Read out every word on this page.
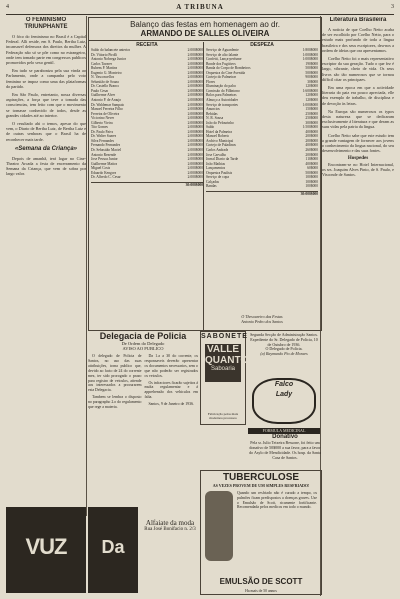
4	A TRIBUNA	3
O FEMINISMO TRIUNPHANTE

O fóco do feminismo no Brasil é a Capital Federal. Alli reside, em S. Paulo, Bertha Lutz, incansavel defensora dos direitos da mulher. A Federação não só se põe como no estrangeiro, onde tem tomado parte em congressos publicos promovidos pelo sexo gentil.

Em tudo se paraboniza pela sua vinda ao Parlamento, onde a campanha pelo voto feminino se impoz como uma das plataformas do partido.

Em São Paulo, entretanto, nossa diversas aspirações, a força que teve a tomada das consciencias, tem feito com que o movimento se tornasse conhecido de todos, desde as grandes cidades até ao interior.

O resultado ahi o temos, apesar do que vem, o Diario de Bertha Lutz, de Bertha Lutz e de outras senhoras que o Brasil ha de reconhecer mais tarde.

«Semana da Criança»

Depois de amanhã, terá logar no Cine-Theatro Arcada a festa de encerramento da Semana da Criança, que vem de sobra por largo valor.

Balanço das festas em homenagem ao dr.
ARMANDO DE SALLES OLIVEIRA
RECEITA
Saldo do balancete anterior	2:000$000
Dr. Vittorio Pirolli	2:000$000
Antonio Nobrega Junior	2:000$000
Carlos Tavares	2:000$000
Rubens P. Martins	2:000$000
Eugenio G. Monteiro	2:000$000
N. Vasconcellos	2:000$000
Sebastião de Souza	2:000$000
Dr. Castello Branco	2:000$000
Paulo Cesar	2:000$000
Guilherme Alves	2:000$000
Antonio P. de Araujo	2:000$000
Dr. Waldemar Sampaio	2:000$000
Manoel Ferreira Filho	2:000$000
Ferreira de Oliveira	2:000$000
Victorino Neves	2:000$000
Gilberto Vieira	2:000$000
Tito Gomes	2:000$000
Dr. Paulo Paiva	2:000$000
Dr. Walter Soares	2:000$000
Silva Fernandes	2:000$000
Fernando Fernandes	2:000$000
Dr. Sebastião Maciel	2:000$000
Antonio Rezende	2:000$000
Jose Pessoa Junior	2:000$000
Guilherme Mattos	2:000$000
Miguel Costa	2:000$000
Eduardo Kengore	2:000$000
Dr. Alfredo C. Cesar	2:000$000
30:000$000
DESPEZA
Serviço de Aguardente	1:800$000
Serviço de alto falante	1:000$000
Confetti, Lança-perfume	1:000$000
Bonde dos Fugitivos	190$000
Banda do Corpo de Bombeiros	500$000
Orquestra do Cine Avenida	500$000
Cortejo do Palmeiras	900$000
Flores	30$000
Illuminação do palco	120$000
Comissão do Fillintono	1:600$000
Bolos para Palmeiras	120$000
Almoço a Autoridades	120$000
Serviço de transportes	1:000$000
Anuncios	150$000
Bebidas	250$000
N. R. Sousa	250$000
João do Pelourinho	300$000
Saldo	1:500$000
Hotel da Palmeira	400$000
Manoel Roberto	200$000
Archivo Municipal	200$000
Cortejo de Paladinos	400$000
Carlos Andrade	260$000
Jose Carvalho	200$000
Jornal Diario da Tarde	110$000
João Mathias	400$000
Lançamentos	60$000
Orquestra Paulista	500$000
Serviço de copa	100$000
Calçadas	100$000
Bandas	100$000
30:000$000
O Thesoureiro das Festas
Antonio Pedro dos Santos
Delegacia de Policia
De Ordem do Delegado
AVISO AO PUBLICO

O delegado de Policia de Santos, no uso das suas attribuições, torna publico que, devido ao facto de 24 do corrente mez, ter sido prorogado o prazo para registro de veiculos, attende aos interessados a procurarem esta Delegacia.

Tambem se lembra o disposto no paragrapho 2.o do regulamento que rege a materia.

Da 1.a a 30 do corrente, os responsaveis deverão apresentar os documentos necessarios, sem o que não poderão ser registrados os veiculos.

Os infractores ficarão sujeitos á multa regulamentar e á apprehensão dos vehiculos em falta.

Santos, 9 de Janeiro de 1936.

SABONETE
VALLE QUANTO
Saboaria
Fabricação pelos mais modernos processos
TUBERCULOSE
AS VEZES PROVEM DE UM SIMPLES RESFRIADO!
Quando um resfriado não é curado a tempo, os pulmões ficam predispostos a doenças graves. Use o Emulsão de Scott, ricamente fortificante. Recomendada pelos medicos em todo o mundo.
EMULSÃO DE SCOTT
Ha mais de 50 annos
VUZ	Da
Alfaiate da moda
Rua José Bonifacio n. 2/3
Literatura Brasileira

A noticia de que Coelho Netto acaba de ser escolhido por Coelho Netto, para o estudo mais profundo de toda a lingua brasileira e dos seus escriptores, deu-nos a ordem de ideias que ora apresentamos.

Coelho Netto foi o mais representativo escriptor da sua geração. Tudo o que fez é largo, vibrante, cheio de vida. Os seus livros são tão numerosos que se tornou difficil citar os principaes.

Em uma epoca em que a actividade literaria do paiz era pouco apreciada, elle deu exemplo de trabalho, de disciplina e de devoção às letras.

Na Europa são numerosos os typos desta natureza que se dedicaram exclusivamente á literatura e que deram as suas vidas pela patria da lingua.

Coelho Netto sabe que este estudo tem a grande vantagem de fornecer aos jovens o conhecimento da lingua nacional, do seu desenvolvimento e das suas fontes.

Hospedes

Encontram-se no Hotel Internacional, os srs. Joaquim Alves Pinto, de S. Paulo, e Visconde de Santos.

Segunda Secção de Administração Santos. Expediente do Sr. Delegado de Policia, 10 de Outubro de 1936.
O Delegado de Policia.
(a) Raymundo Pio de Moraes
Falco
Lady
FORMULA MEDICINAL
Donativo
Pela sr. Julio Teixeira Bessone, foi feito um donativo de 50$000 a sua favor, para a favor do Asylo de Mendicidade. Os hosp. da Santa Casa de Santos.
